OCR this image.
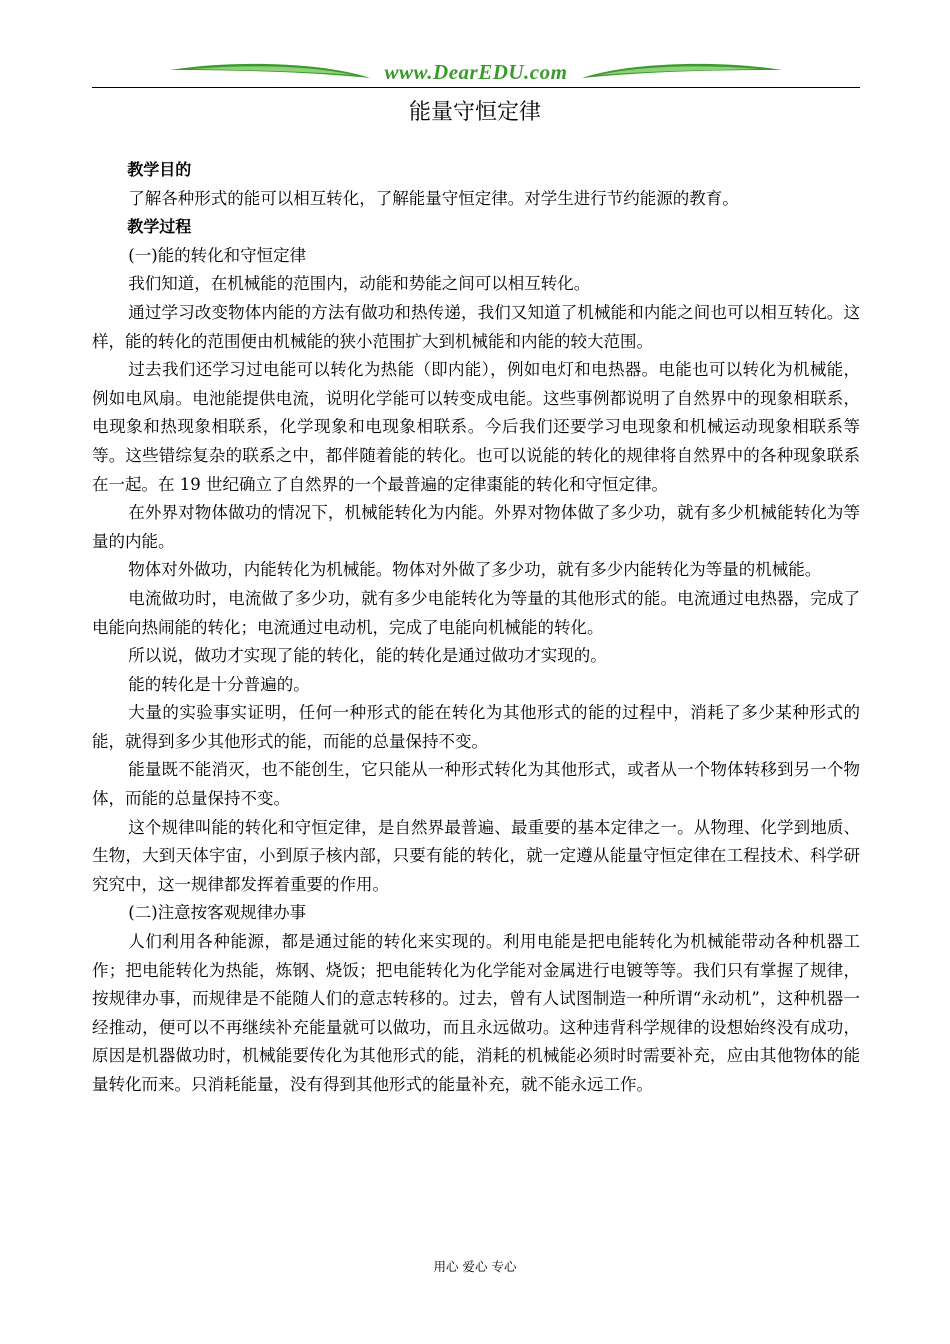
www.DearEDU.com
能量守恒定律

教学目的

了解各种形式的能可以相互转化，了解能量守恒定律。对学生进行节约能源的教育。

教学过程

(一)能的转化和守恒定律

我们知道，在机械能的范围内，动能和势能之间可以相互转化。

通过学习改变物体内能的方法有做功和热传递，我们又知道了机械能和内能之间也可以相互转化。这样，能的转化的范围便由机械能的狭小范围扩大到机械能和内能的较大范围。

过去我们还学习过电能可以转化为热能（即内能），例如电灯和电热器。电能也可以转化为机械能，例如电风扇。电池能提供电流，说明化学能可以转变成电能。这些事例都说明了自然界中的现象相联系，电现象和热现象相联系，化学现象和电现象相联系。今后我们还要学习电现象和机械运动现象相联系等等。这些错综复杂的联系之中，都伴随着能的转化。也可以说能的转化的规律将自然界中的各种现象联系在一起。在 19 世纪确立了自然界的一个最普遍的定律棗能的转化和守恒定律。

在外界对物体做功的情况下，机械能转化为内能。外界对物体做了多少功，就有多少机械能转化为等量的内能。

物体对外做功，内能转化为机械能。物体对外做了多少功，就有多少内能转化为等量的机械能。

电流做功时，电流做了多少功，就有多少电能转化为等量的其他形式的能。电流通过电热器，完成了电能向热闹能的转化；电流通过电动机，完成了电能向机械能的转化。

所以说，做功才实现了能的转化，能的转化是通过做功才实现的。

能的转化是十分普遍的。

大量的实验事实证明，任何一种形式的能在转化为其他形式的能的过程中，消耗了多少某种形式的能，就得到多少其他形式的能，而能的总量保持不变。

能量既不能消灭，也不能创生，它只能从一种形式转化为其他形式，或者从一个物体转移到另一个物体，而能的总量保持不变。

这个规律叫能的转化和守恒定律，是自然界最普遍、最重要的基本定律之一。从物理、化学到地质、生物，大到天体宇宙，小到原子核内部，只要有能的转化，就一定遵从能量守恒定律在工程技术、科学研究究中，这一规律都发挥着重要的作用。

(二)注意按客观规律办事

人们利用各种能源，都是通过能的转化来实现的。利用电能是把电能转化为机械能带动各种机器工作；把电能转化为热能，炼钢、烧饭；把电能转化为化学能对金属进行电镀等等。我们只有掌握了规律，按规律办事，而规律是不能随人们的意志转移的。过去，曾有人试图制造一种所谓“永动机”，这种机器一经推动，便可以不再继续补充能量就可以做功，而且永远做功。这种违背科学规律的设想始终没有成功，原因是机器做功时，机械能要传化为其他形式的能，消耗的机械能必须时时需要补充，应由其他物体的能量转化而来。只消耗能量，没有得到其他形式的能量补充，就不能永远工作。

用心 爱心 专心
